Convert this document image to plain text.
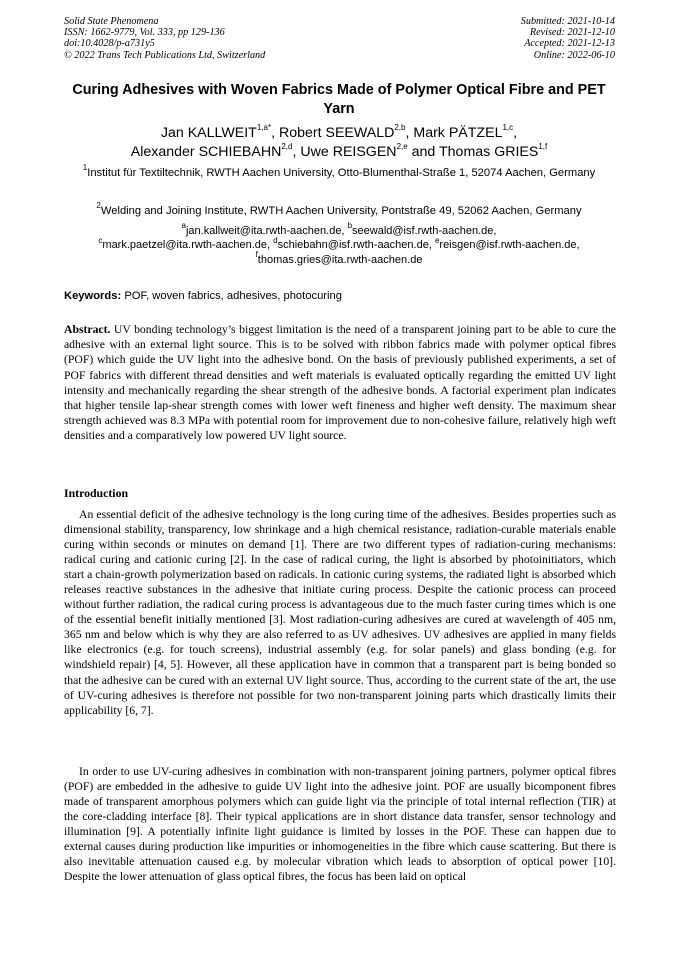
Solid State Phenomena
ISSN: 1662-9779, Vol. 333, pp 129-136
doi:10.4028/p-a731y5
© 2022 Trans Tech Publications Ltd, Switzerland
Submitted: 2021-10-14
Revised: 2021-12-10
Accepted: 2021-12-13
Online: 2022-06-10
Curing Adhesives with Woven Fabrics Made of Polymer Optical Fibre and PET Yarn
Jan $KALLWEIT^{1,a*}$, Robert SEEWALD$^{2,b}$, Mark PÄTZEL$^{1,c}$,
Alexander SCHIEBAHN$^{2,d}$, Uwe REISGEN$^{2,e}$ and Thomas GRIES$^{1,f}$
$^1$Institut für Textiltechnik, RWTH Aachen University, Otto-Blumenthal-Straße 1, 52074 Aachen, Germany
$^2$Welding and Joining Institute, RWTH Aachen University, Pontstraße 49, 52062 Aachen, Germany
$^a$jan.kallweit@ita.rwth-aachen.de, $^b$seewald@isf.rwth-aachen.de,
$^c$mark.paetzel@ita.rwth-aachen.de, $^d$schiebahn@isf.rwth-aachen.de, $^e$reisgen@isf.rwth-aachen.de,
$^f$thomas.gries@ita.rwth-aachen.de
Keywords: POF, woven fabrics, adhesives, photocuring

Abstract. UV bonding technology’s biggest limitation is the need of a transparent joining part to be able to cure the adhesive with an external light source. This is to be solved with ribbon fabrics made with polymer optical fibres (POF) which guide the UV light into the adhesive bond. On the basis of previously published experiments, a set of POF fabrics with different thread densities and weft materials is evaluated optically regarding the emitted UV light intensity and mechanically regarding the shear strength of the adhesive bonds. A factorial experiment plan indicates that higher tensile lap-shear strength comes with lower weft fineness and higher weft density. The maximum shear strength achieved was 8.3 MPa with potential room for improvement due to non-cohesive failure, relatively high weft densities and a comparatively low powered UV light source.

Introduction

An essential deficit of the adhesive technology is the long curing time of the adhesives. Besides properties such as dimensional stability, transparency, low shrinkage and a high chemical resistance, radiation-curable materials enable curing within seconds or minutes on demand [1]. There are two different types of radiation-curing mechanisms: radical curing and cationic curing [2]. In the case of radical curing, the light is absorbed by photoinitiators, which start a chain-growth polymerization based on radicals. In cationic curing systems, the radiated light is absorbed which releases reactive substances in the adhesive that initiate curing process. Despite the cationic process can proceed without further radiation, the radical curing process is advantageous due to the much faster curing times which is one of the essential benefit initially mentioned [3]. Most radiation-curing adhesives are cured at wavelength of 405 nm, 365 nm and below which is why they are also referred to as UV adhesives. UV adhesives are applied in many fields like electronics (e.g. for touch screens), industrial assembly (e.g. for solar panels) and glass bonding (e.g. for windshield repair) [4, 5]. However, all these application have in common that a transparent part is being bonded so that the adhesive can be cured with an external UV light source. Thus, according to the current state of the art, the use of UV-curing adhesives is therefore not possible for two non-transparent joining parts which drastically limits their applicability [6, 7].

In order to use UV-curing adhesives in combination with non-transparent joining partners, polymer optical fibres (POF) are embedded in the adhesive to guide UV light into the adhesive joint. POF are usually bicomponent fibres made of transparent amorphous polymers which can guide light via the principle of total internal reflection (TIR) at the core-cladding interface [8]. Their typical applications are in short distance data transfer, sensor technology and illumination [9]. A potentially infinite light guidance is limited by losses in the POF. These can happen due to external causes during production like impurities or inhomogeneities in the fibre which cause scattering. But there is also inevitable attenuation caused e.g. by molecular vibration which leads to absorption of optical power [10]. Despite the lower attenuation of glass optical fibres, the focus has been laid on optical
